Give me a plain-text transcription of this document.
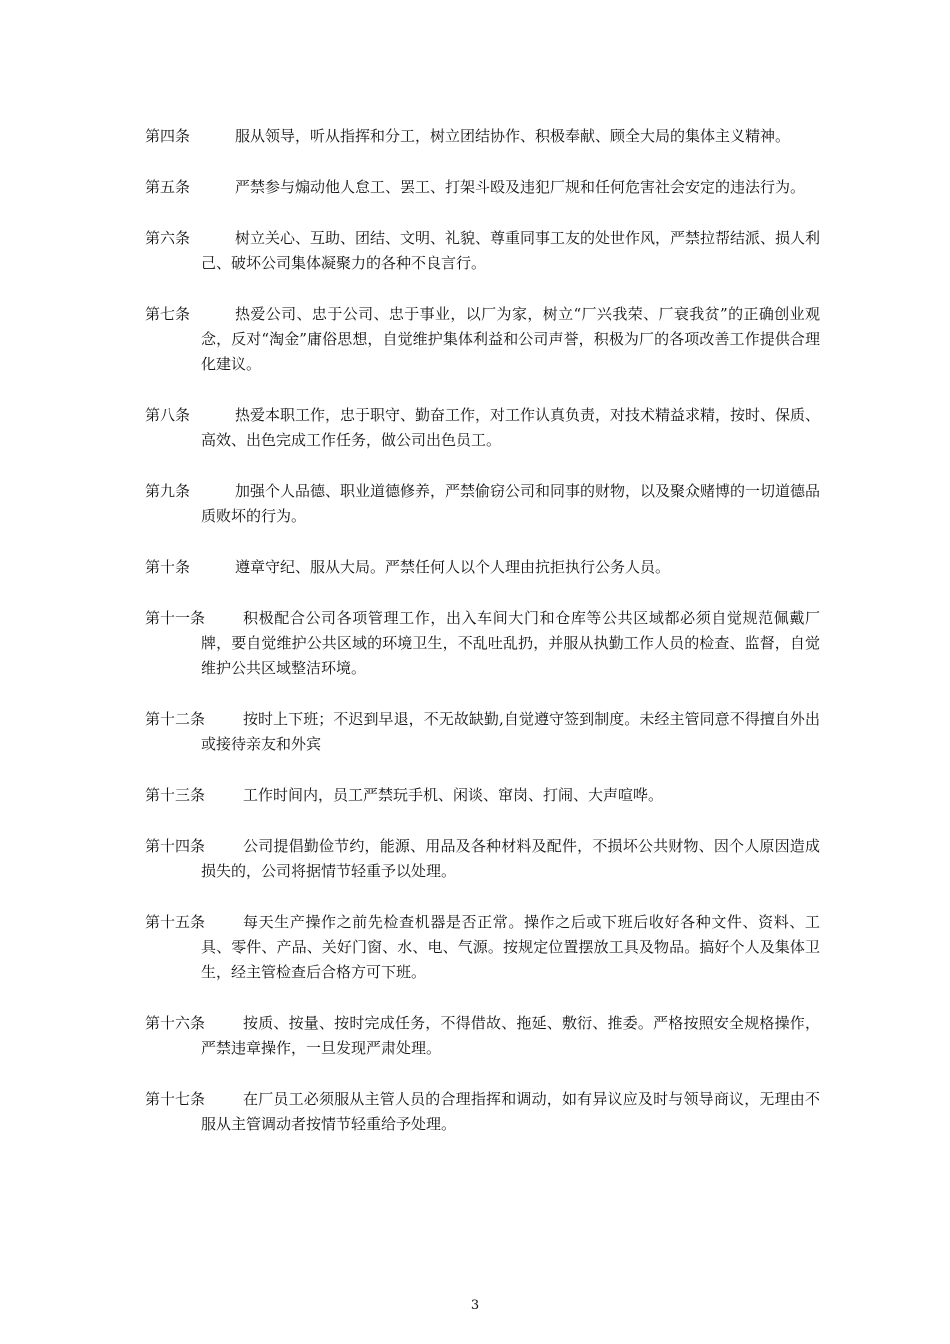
第四条	服从领导，听从指挥和分工，树立团结协作、积极奉献、顾全大局的集体主义精神。
第五条	严禁参与煽动他人怠工、罢工、打架斗殴及违犯厂规和任何危害社会安定的违法行为。
第六条	树立关心、互助、团结、文明、礼貌、尊重同事工友的处世作风，严禁拉帮结派、损人利己、破坏公司集体凝聚力的各种不良言行。
第七条	热爱公司、忠于公司、忠于事业，以厂为家，树立“厂兴我荣、厂衰我贫”的正确创业观念，反对“淘金”庸俗思想，自觉维护集体利益和公司声誉，积极为厂的各项改善工作提供合理化建议。
第八条	热爱本职工作，忠于职守、勤奋工作，对工作认真负责，对技术精益求精，按时、保质、高效、出色完成工作任务，做公司出色员工。
第九条	加强个人品德、职业道德修养，严禁偷窃公司和同事的财物，以及聚众赌博的一切道德品质败坏的行为。
第十条	遵章守纪、服从大局。严禁任何人以个人理由抗拒执行公务人员。
第十一条	积极配合公司各项管理工作，出入车间大门和仓库等公共区域都必须自觉规范佩戴厂牌，要自觉维护公共区域的环境卫生，不乱吐乱扔，并服从执勤工作人员的检查、监督，自觉维护公共区域整洁环境。
第十二条	按时上下班；不迟到早退，不无故缺勤,自觉遵守签到制度。未经主管同意不得擅自外出或接待亲友和外宾
第十三条	工作时间内，员工严禁玩手机、闲谈、窜岗、打闹、大声喧哗。
第十四条	公司提倡勤俭节约，能源、用品及各种材料及配件，不损坏公共财物、因个人原因造成损失的，公司将据情节轻重予以处理。
第十五条	每天生产操作之前先检查机器是否正常。操作之后或下班后收好各种文件、资料、工具、零件、产品、关好门窗、水、电、气源。按规定位置摆放工具及物品。搞好个人及集体卫生，经主管检查后合格方可下班。
第十六条	按质、按量、按时完成任务，不得借故、拖延、敷衍、推委。严格按照安全规格操作，严禁违章操作，一旦发现严肃处理。
第十七条	在厂员工必须服从主管人员的合理指挥和调动，如有异议应及时与领导商议，无理由不服从主管调动者按情节轻重给予处理。
3
